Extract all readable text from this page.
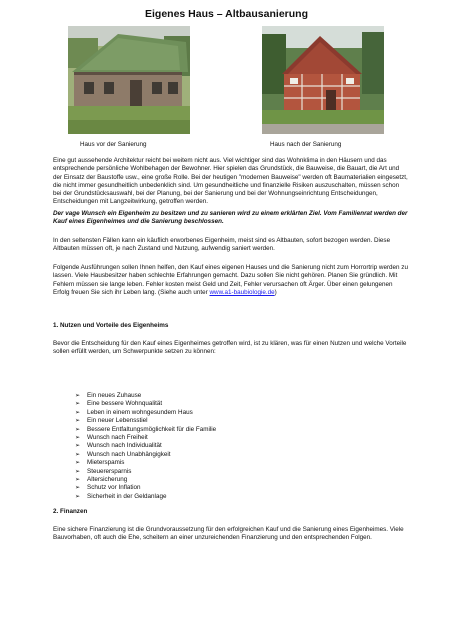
Eigenes Haus – Altbausanierung
Haus vor der Sanierung	Haus nach der Sanierung

Eine gut aussehende Architektur reicht bei weitem nicht aus. Viel wichtiger sind das Wohnklima in den Häusern und das entsprechende persönliche Wohlbehagen der Bewohner. Hier spielen das Grundstück, die Bauweise, die Bauart, die Art und der Einsatz der Baustoffe usw., eine große Rolle. Bei der heutigen "modernen Bauweise" werden oft Baumaterialien eingesetzt, die nicht immer gesundheitlich unbedenklich sind. Um gesundheitliche und finanzielle Risiken auszuschalten, müssen schon bei der Grundstücksauswahl, bei der Planung, bei der Sanierung und bei der Wohnungseinrichtung Entscheidungen, Entscheidungen mit Langzeitwirkung, getroffen werden.

Der vage Wunsch ein Eigenheim zu besitzen und zu sanieren wird zu einem erklärten Ziel. Vom Familienrat werden der Kauf eines Eigenheimes und die Sanierung beschlossen.

In den seltensten Fällen kann ein käuflich erworbenes Eigenheim, meist sind es Altbauten, sofort bezogen werden. Diese Altbauten müssen oft, je nach Zustand und Nutzung, aufwendig saniert werden.

Folgende Ausführungen sollen Ihnen helfen, den Kauf eines eigenen Hauses und die Sanierung nicht zum Horrortrip werden zu lassen. Viele Hausbesitzer haben schlechte Erfahrungen gemacht. Dazu sollen Sie nicht gehören. Planen Sie gründlich. Mit Fehlern müssen sie lange leben. Fehler kosten meist Geld und Zeit, Fehler verursachen oft Ärger. Über einen gelungenen Erfolg freuen Sie sich ihr Leben lang. (Siehe auch unter www.a1-baubiologie.de)

1. Nutzen und Vorteile des Eigenheims

Bevor die Entscheidung für den Kauf eines Eigenheimes getroffen wird, ist zu klären, was für einen Nutzen und welche Vorteile sollen erfüllt werden, um Schwerpunkte setzen zu können:

➢ Ein neues Zuhause
➢ Eine bessere Wohnqualität
➢ Leben in einem wohngesundem Haus
➢ Ein neuer Lebensstiel
➢ Bessere Entfaltungsmöglichkeit für die Familie
➢ Wunsch nach Freiheit
➢ Wunsch nach Individualität
➢ Wunsch nach Unabhängigkeit
➢ Mieterspamis
➢ Steuerersparnis
➢ Altersicherung
➢ Schutz vor Inflation
➢ Sicherheit in der Geldanlage

2. Finanzen

Eine sichere Finanzierung ist die Grundvoraussetzung für den erfolgreichen Kauf und die Sanierung eines Eigenheimes. Viele Bauvorhaben, oft auch die Ehe, scheitern an einer unzureichenden Finanzierung und den entsprechenden Folgen.
